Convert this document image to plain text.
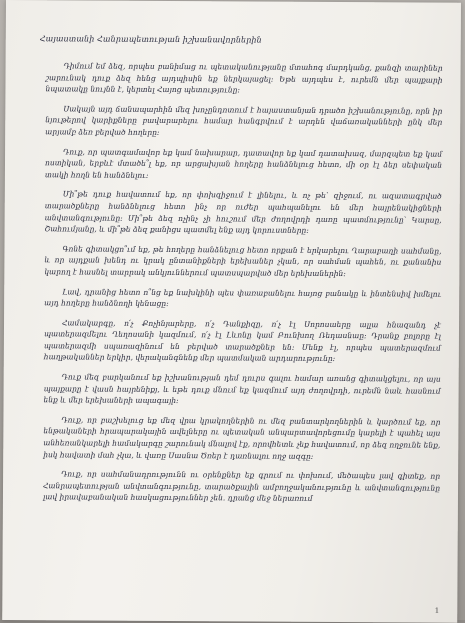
Հայաստանի Հանրապետության իշխանավորներին

Դիմում եմ ձեզ, որպես բանիմաց ու պետականությանը մտահոգ մարդկանց, քանզի տարիներ շարունակ դուք ձեզ հենց այդպիսին եք ներկայացել: Եթե այդպես է, ուրեմն մեր պայքարի նպատակը նույնն է, կերտել Հայոց պետությունը:

Սակայն այդ ճանապարհին մեզ խոչընդոտում է հայաստանյան դրածո իշխանությունը, որն իր նյութերով կարիքները բավարարելու համար հանգրվում է արդեն վաճառականների ընկ մեր արյամբ ձեռ բերված հողերը:

Դուք, որ պատգամավոր եք կամ նախարար, դատավոր եք կամ դատախազ, մարզպետ եք կամ ոստիկան, երբևէ մտածե՞լ եք, որ արցախյան հողերը հանձնելուց հետո, մի օր էլ ձեր սեփական տակի հողն են հանձնելու:

Մի՞թե դուք հավատում եք, որ փոխզիջում է լինելու, և ոչ թե՝ զիջում, ու ազատագրված տարածքները հանձնելուց հետո ինչ որ ուժեր պահպանելու են մեր հայրենակիցների անվտանգությունը: Մի՞թե ձեզ ոչինչ չի հուշում մեր ժողովրդի դառը պատմությունը՝ Կարսը, Շահումյանը, և մի՞թե ձեզ քանիցս պատմել ենք այդ կորուստները:

Գոնե գիտակցո՞ւմ եք, թե հողերը հանձնելուց հետո որքան է երկարելու Ղարաբաղի սահմանը, և որ այդքան խենդ ու կրակ ընտանիքների երեխաներ չկան, որ սահման պահեն, ու քանանիս կարող է հասնել տարրակ անկյուններում պատսպարված մեր երեխաներին:

Լավ, դրանից հետո ո՞նց եք նախկինի պես փառաբանելու հայոց բանակը և ինտենսիվ խմելու այդ հողերը հանձնողի կենացը:

Համակարգը, ո՛չ Քոչինյարերը, ո՛չ Դանքիզը, ո՛չ էլ Սորոսաերը ալլա հնազանդ չէ պատերազմելու Ղեղոսանի կազմում, ո՛չ էլ Լևոնը կամ Բունխող Ռեդասնաը: Դրանք բոլորը էլ պատերազմի սպառազինում են բերված տարածքներ են: Մենք էլ, որպես պատերազմում հաղթականներ երկիր, վերականգնենք մեր պատմական արդարությունը:

Դուք մեզ բարկանում եք իշխանության դեմ դուրս գալու համար առանց գիտակցելու, որ այս պայքարը է վասն հայրենիքյ, և եթե դուք մնում եք կազմում այդ ժողովրդի, ուրեմն նաև հասնում ենք և մեր երեխաների ապագայի:

Դուք, որ բաշխելուց եք մեզ վրա կրակողներին ու մեզ բանտարկողներին և կարծում եք, որ ենթակաների հրապարակային ավելները ու պետական անպարտավորեցումը կարելի է պահել այս անհեռանկարելի համակարգը շարունակ մնալով էք, որովհետև չեք հավատում, որ ձեզ ողջունե ենք, իսկ հավատի մահ չկա, և վառը Սասնա Ծռեր է դառնալու ողջ ազգը:

Դուք, որ սահմանադրությունն ու օրենքներ եք գրում ու փոխում, մեծապես լավ գիտեք, որ Հանրապետության անվտանգությունը, տարածքային ամբողջականությունը և անվտանգությունը լավ իրավաբանական հասկացություններ չեն. դրանց մեջ ներառում

1
